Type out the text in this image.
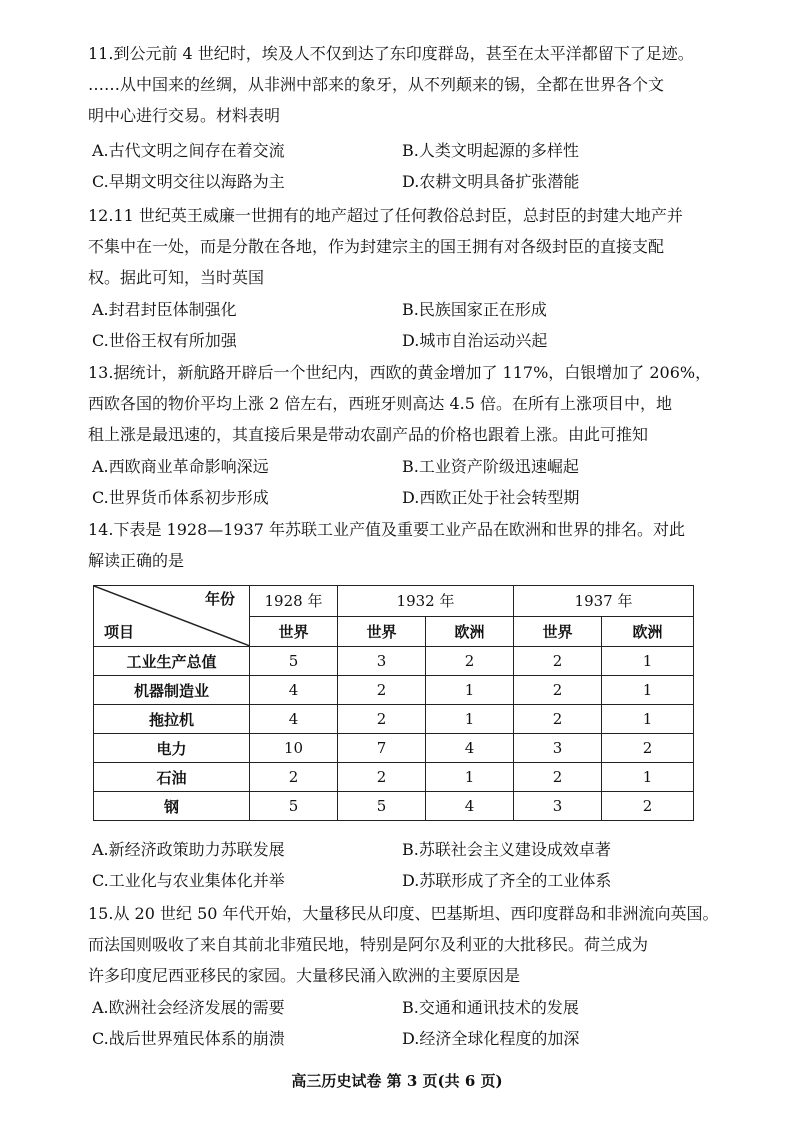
11.到公元前 4 世纪时，埃及人不仅到达了东印度群岛，甚至在太平洋都留下了足迹。
……从中国来的丝绸，从非洲中部来的象牙，从不列颠来的锡，全都在世界各个文
明中心进行交易。材料表明
A.古代文明之间存在着交流	B.人类文明起源的多样性
C.早期文明交往以海路为主	D.农耕文明具备扩张潜能
12.11 世纪英王威廉一世拥有的地产超过了任何教俗总封臣，总封臣的封建大地产并
不集中在一处，而是分散在各地，作为封建宗主的国王拥有对各级封臣的直接支配
权。据此可知，当时英国
A.封君封臣体制强化	B.民族国家正在形成
C.世俗王权有所加强	D.城市自治运动兴起
13.据统计，新航路开辟后一个世纪内，西欧的黄金增加了 117%，白银增加了 206%，
西欧各国的物价平均上涨 2 倍左右，西班牙则高达 4.5 倍。在所有上涨项目中，地
租上涨是最迅速的，其直接后果是带动农副产品的价格也跟着上涨。由此可推知
A.西欧商业革命影响深远	B.工业资产阶级迅速崛起
C.世界货币体系初步形成	D.西欧正处于社会转型期
14.下表是 1928—1937 年苏联工业产值及重要工业产品在欧洲和世界的排名。对此
解读正确的是
年份
项目	1928 年	1932 年		1937 年	
	世界	世界	欧洲	世界	欧洲
工业生产总值	5	3	2	2	1
机器制造业	4	2	1	2	1
拖拉机	4	2	1	2	1
电力	10	7	4	3	2
石油	2	2	1	2	1
钢	5	5	4	3	2
A.新经济政策助力苏联发展	B.苏联社会主义建设成效卓著
C.工业化与农业集体化并举	D.苏联形成了齐全的工业体系
15.从 20 世纪 50 年代开始，大量移民从印度、巴基斯坦、西印度群岛和非洲流向英国。
而法国则吸收了来自其前北非殖民地，特别是阿尔及利亚的大批移民。荷兰成为
许多印度尼西亚移民的家园。大量移民涌入欧洲的主要原因是
A.欧洲社会经济发展的需要	B.交通和通讯技术的发展
C.战后世界殖民体系的崩溃	D.经济全球化程度的加深
高三历史试卷 第 3 页(共 6 页)
